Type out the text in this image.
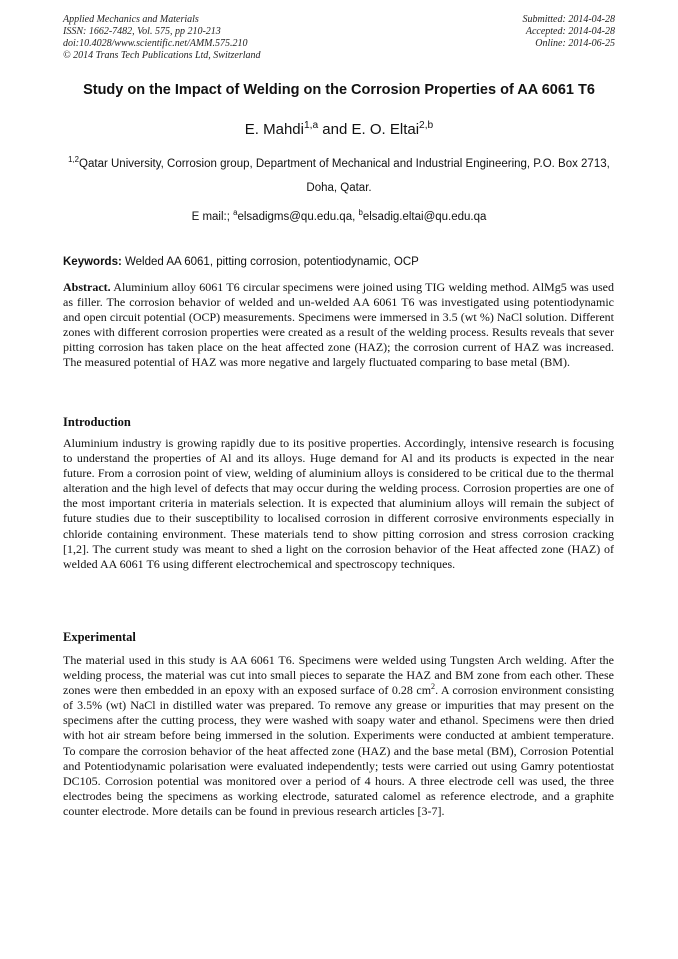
Applied Mechanics and Materials
ISSN: 1662-7482, Vol. 575, pp 210-213
doi:10.4028/www.scientific.net/AMM.575.210
© 2014 Trans Tech Publications Ltd, Switzerland
Submitted: 2014-04-28
Accepted: 2014-04-28
Online: 2014-06-25
Study on the Impact of Welding on the Corrosion Properties of AA 6061 T6
E. Mahdi$^{1,a}$ and E. O. Eltai$^{2,b}$
$^{1,2}$Qatar University, Corrosion group, Department of Mechanical and Industrial Engineering, P.O. Box 2713, Doha, Qatar.
E mail:; $^a$elsadigms@qu.edu.qa, $^b$elsadig.eltai@qu.edu.qa
Keywords: Welded AA 6061, pitting corrosion, potentiodynamic, OCP
Abstract. Aluminium alloy 6061 T6 circular specimens were joined using TIG welding method. AlMg5 was used as filler. The corrosion behavior of welded and un-welded AA 6061 T6 was investigated using potentiodynamic and open circuit potential (OCP) measurements. Specimens were immersed in 3.5 (wt %) NaCl solution. Different zones with different corrosion properties were created as a result of the welding process. Results reveals that sever pitting corrosion has taken place on the heat affected zone (HAZ); the corrosion current of HAZ was increased. The measured potential of HAZ was more negative and largely fluctuated comparing to base metal (BM).
Introduction
Aluminium industry is growing rapidly due to its positive properties. Accordingly, intensive research is focusing to understand the properties of Al and its alloys. Huge demand for Al and its products is expected in the near future. From a corrosion point of view, welding of aluminium alloys is considered to be critical due to the thermal alteration and the high level of defects that may occur during the welding process. Corrosion properties are one of the most important criteria in materials selection. It is expected that aluminium alloys will remain the subject of future studies due to their susceptibility to localised corrosion in different corrosive environments especially in chloride containing environment. These materials tend to show pitting corrosion and stress corrosion cracking [1,2]. The current study was meant to shed a light on the corrosion behavior of the Heat affected zone (HAZ) of welded AA 6061 T6 using different electrochemical and spectroscopy techniques.
Experimental
The material used in this study is AA 6061 T6. Specimens were welded using Tungsten Arch welding. After the welding process, the material was cut into small pieces to separate the HAZ and BM zone from each other. These zones were then embedded in an epoxy with an exposed surface of 0.28 $cm^2$. A corrosion environment consisting of 3.5% (wt) NaCl in distilled water was prepared. To remove any grease or impurities that may present on the specimens after the cutting process, they were washed with soapy water and ethanol. Specimens were then dried with hot air stream before being immersed in the solution. Experiments were conducted at ambient temperature. To compare the corrosion behavior of the heat affected zone (HAZ) and the base metal (BM), Corrosion Potential and Potentiodynamic polarisation were evaluated independently; tests were carried out using Gamry potentiostat DC105. Corrosion potential was monitored over a period of 4 hours. A three electrode cell was used, the three electrodes being the specimens as working electrode, saturated calomel as reference electrode, and a graphite counter electrode. More details can be found in previous research articles [3-7].
